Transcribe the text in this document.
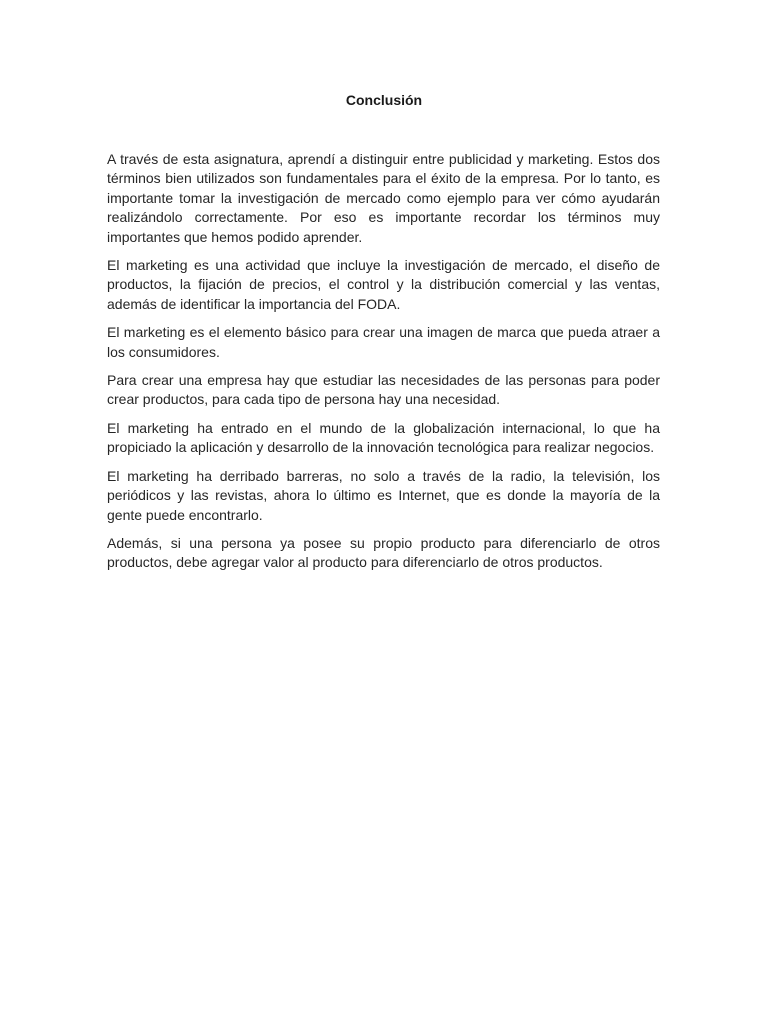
Conclusión

A través de esta asignatura, aprendí a distinguir entre publicidad y marketing. Estos dos términos bien utilizados son fundamentales para el éxito de la empresa. Por lo tanto, es importante tomar la investigación de mercado como ejemplo para ver cómo ayudarán realizándolo correctamente. Por eso es importante recordar los términos muy importantes que hemos podido aprender.

El marketing es una actividad que incluye la investigación de mercado, el diseño de productos, la fijación de precios, el control y la distribución comercial y las ventas, además de identificar la importancia del FODA.

El marketing es el elemento básico para crear una imagen de marca que pueda atraer a los consumidores.

Para crear una empresa hay que estudiar las necesidades de las personas para poder crear productos, para cada tipo de persona hay una necesidad.

El marketing ha entrado en el mundo de la globalización internacional, lo que ha propiciado la aplicación y desarrollo de la innovación tecnológica para realizar negocios.

El marketing ha derribado barreras, no solo a través de la radio, la televisión, los periódicos y las revistas, ahora lo último es Internet, que es donde la mayoría de la gente puede encontrarlo.

Además, si una persona ya posee su propio producto para diferenciarlo de otros productos, debe agregar valor al producto para diferenciarlo de otros productos.
